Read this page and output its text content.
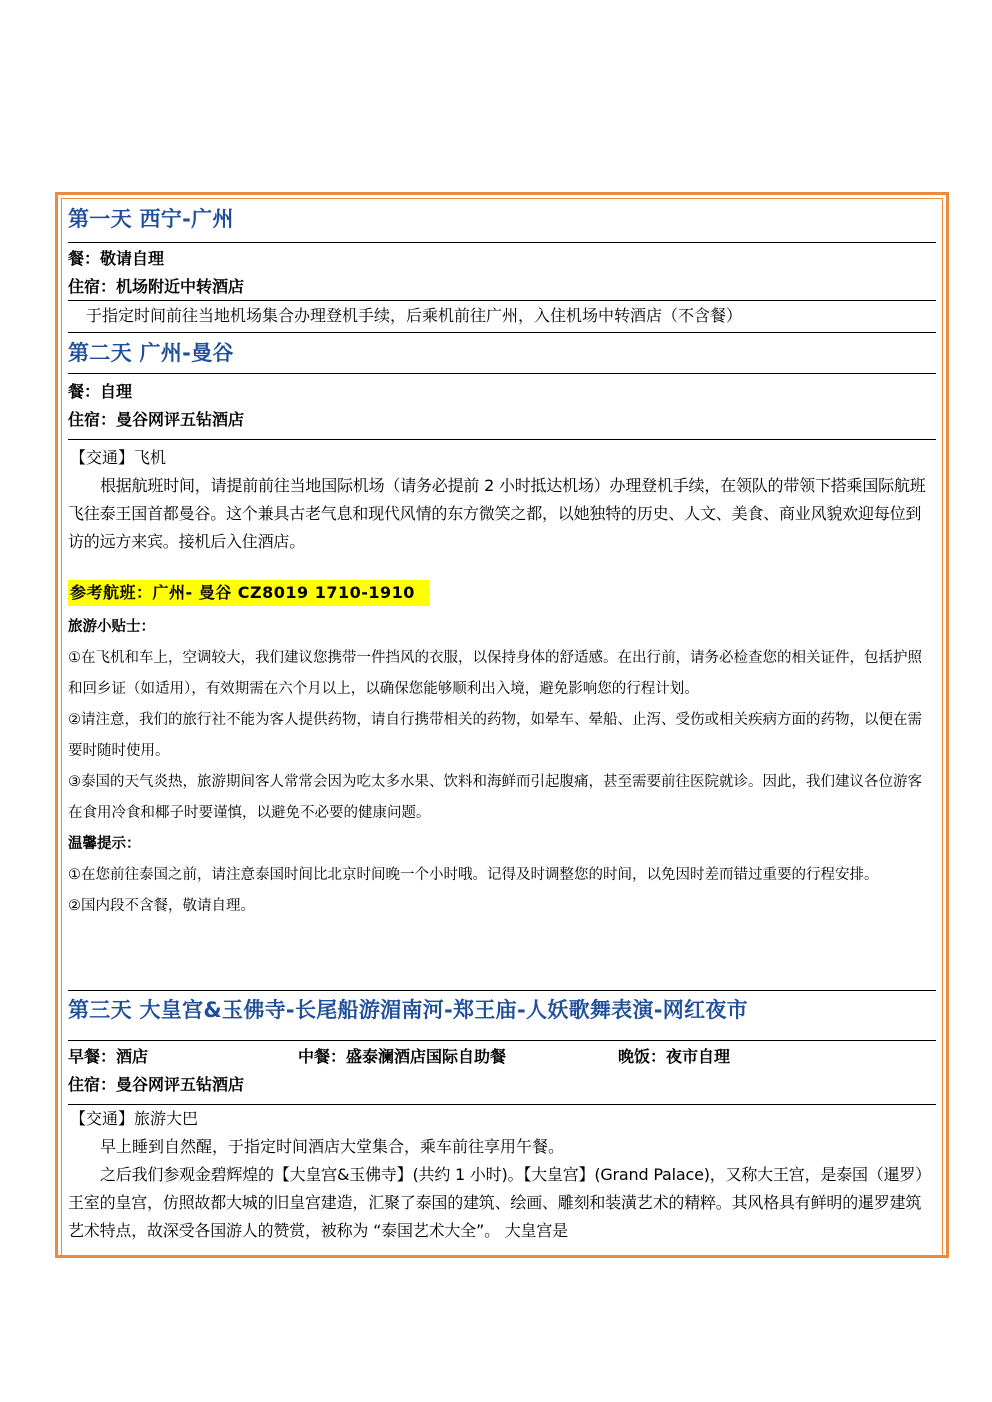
第一天 西宁-广州
餐：敬请自理
住宿：机场附近中转酒店
于指定时间前往当地机场集合办理登机手续，后乘机前往广州，入住机场中转酒店（不含餐）
第二天 广州-曼谷
餐：自理
住宿：曼谷网评五钻酒店
【交通】飞机
根据航班时间，请提前前往当地国际机场（请务必提前 2 小时抵达机场）办理登机手续，在领队的带领下搭乘国际航班飞往泰王国首都曼谷。这个兼具古老气息和现代风情的东方微笑之都，以她独特的历史、人文、美食、商业风貌欢迎每位到访的远方来宾。接机后入住酒店。
参考航班：广州- 曼谷 CZ8019 1710-1910
旅游小贴士：
①在飞机和车上，空调较大，我们建议您携带一件挡风的衣服，以保持身体的舒适感。在出行前，请务必检查您的相关证件，包括护照和回乡证（如适用），有效期需在六个月以上，以确保您能够顺利出入境，避免影响您的行程计划。
②请注意，我们的旅行社不能为客人提供药物，请自行携带相关的药物，如晕车、晕船、止泻、受伤或相关疾病方面的药物，以便在需要时随时使用。
③泰国的天气炎热，旅游期间客人常常会因为吃太多水果、饮料和海鲜而引起腹痛，甚至需要前往医院就诊。因此，我们建议各位游客在食用冷食和椰子时要谨慎，以避免不必要的健康问题。
温馨提示：
①在您前往泰国之前，请注意泰国时间比北京时间晚一个小时哦。记得及时调整您的时间，以免因时差而错过重要的行程安排。
②国内段不含餐，敬请自理。
第三天 大皇宫&玉佛寺-长尾船游湄南河-郑王庙-人妖歌舞表演-网红夜市
早餐：酒店	中餐：盛泰澜酒店国际自助餐	晚饭：夜市自理
住宿：曼谷网评五钻酒店
【交通】旅游大巴
早上睡到自然醒，于指定时间酒店大堂集合，乘车前往享用午餐。
之后我们参观金碧辉煌的【大皇宫&玉佛寺】(共约 1 小时)。【大皇宫】(Grand Palace)，又称大王宫，是泰国（暹罗）王室的皇宫，仿照故都大城的旧皇宫建造，汇聚了泰国的建筑、绘画、雕刻和装潢艺术的精粹。其风格具有鲜明的暹罗建筑艺术特点，故深受各国游人的赞赏，被称为 “泰国艺术大全”。 大皇宫是
